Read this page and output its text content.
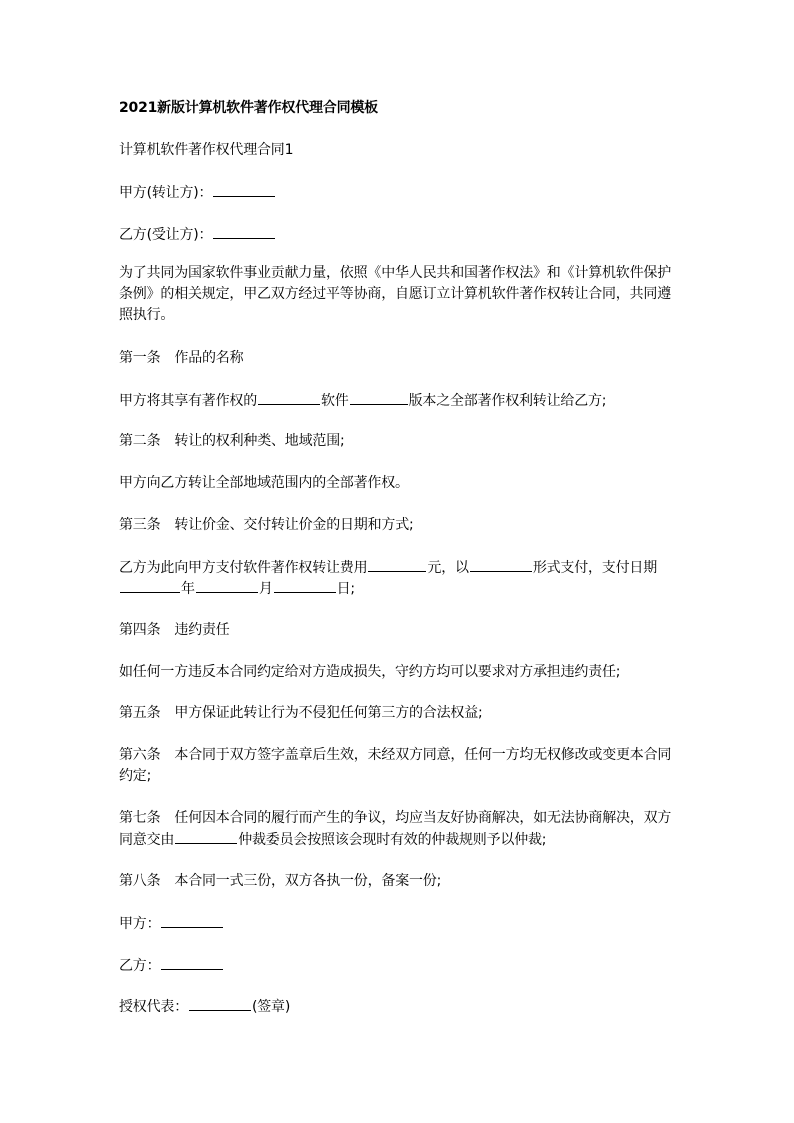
2021新版计算机软件著作权代理合同模板
计算机软件著作权代理合同1
甲方(转让方)：
乙方(受让方)：
为了共同为国家软件事业贡献力量，依照《中华人民共和国著作权法》和《计算机软件保护条例》的相关规定，甲乙双方经过平等协商，自愿订立计算机软件著作权转让合同，共同遵照执行。
第一条 作品的名称
甲方将其享有著作权的	软件	版本之全部著作权利转让给乙方;
第二条 转让的权利种类、地域范围;
甲方向乙方转让全部地域范围内的全部著作权。
第三条 转让价金、交付转让价金的日期和方式;
乙方为此向甲方支付软件著作权转让费用	元，以	形式支付，支付日期
年	月	日;
第四条 违约责任
如任何一方违反本合同约定给对方造成损失，守约方均可以要求对方承担违约责任;
第五条 甲方保证此转让行为不侵犯任何第三方的合法权益;
第六条 本合同于双方签字盖章后生效，未经双方同意，任何一方均无权修改或变更本合同
约定;
第七条 任何因本合同的履行而产生的争议，均应当友好协商解决，如无法协商解决，双方
同意交由	仲裁委员会按照该会现时有效的仲裁规则予以仲裁;
第八条 本合同一式三份，双方各执一份，备案一份;
甲方：
乙方：
授权代表：	(签章)
